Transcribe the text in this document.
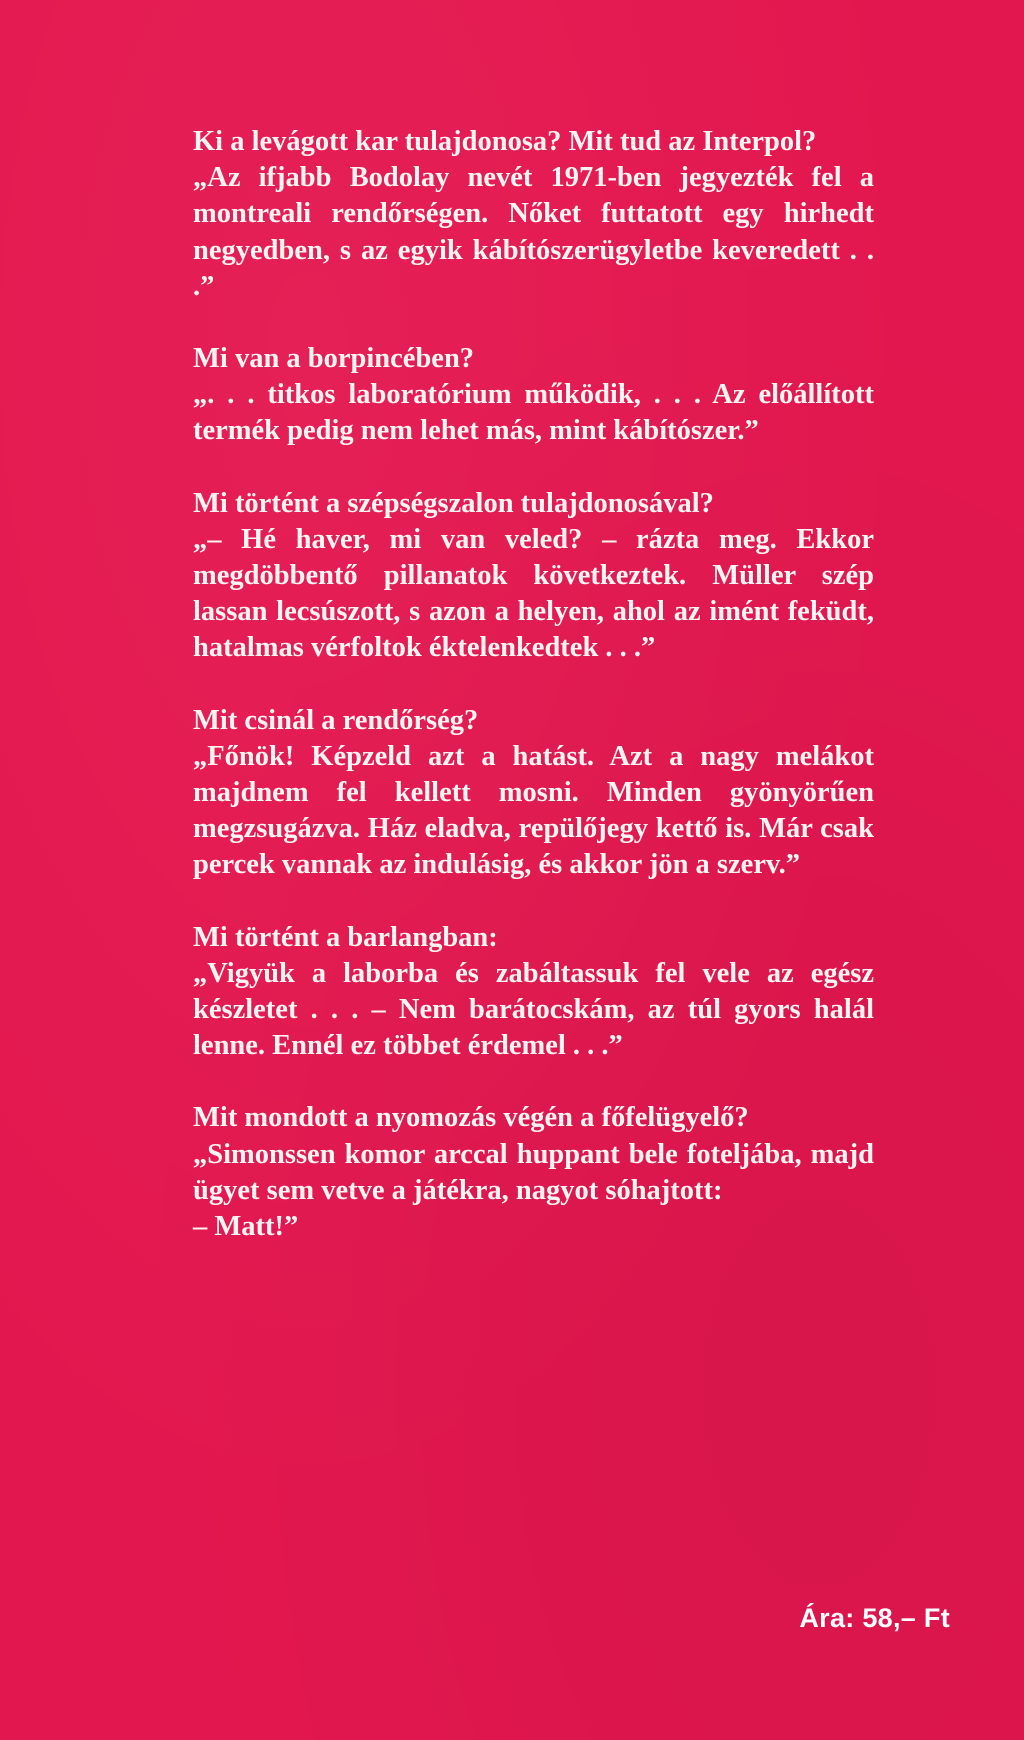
Ki a levágott kar tulajdonosa? Mit tud az Interpol?

„Az ifjabb Bodolay nevét 1971-ben jegyezték fel a montreali rendőrségen. Nőket futtatott egy hirhedt negyedben, s az egyik kábítószerügyletbe keveredett . . .”

Mi van a borpincében?

„. . . titkos laboratórium működik, . . . Az előállított termék pedig nem lehet más, mint kábítószer.”

Mi történt a szépségszalon tulajdonosával?

„– Hé haver, mi van veled? – rázta meg. Ekkor megdöbbentő pillanatok következtek. Müller szép lassan lecsúszott, s azon a helyen, ahol az imént feküdt, hatalmas vérfoltok éktelenkedtek . . .”

Mit csinál a rendőrség?

„Főnök! Képzeld azt a hatást. Azt a nagy melákot majdnem fel kellett mosni. Minden gyönyörűen megzsugázva. Ház eladva, repülőjegy kettő is. Már csak percek vannak az indulásig, és akkor jön a szerv.”

Mi történt a barlangban:

„Vigyük a laborba és zabáltassuk fel vele az egész készletet . . . – Nem barátocskám, az túl gyors halál lenne. Ennél ez többet érdemel . . .”

Mit mondott a nyomozás végén a főfelügyelő?

„Simonssen komor arccal huppant bele foteljába, majd ügyet sem vetve a játékra, nagyot sóhajtott:

– Matt!”

Ára: 58,– Ft
